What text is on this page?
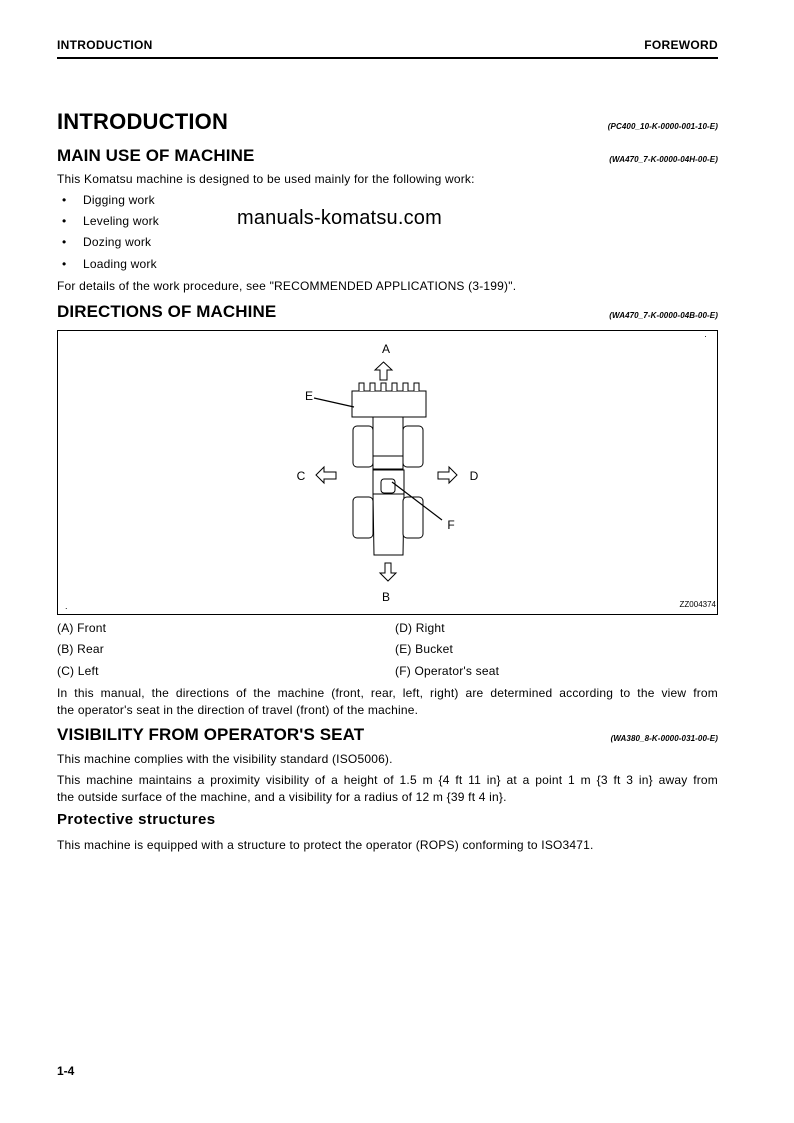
INTRODUCTION	FOREWORD
INTRODUCTION	(PC400_10-K-0000-001-10-E)
MAIN USE OF MACHINE	(WA470_7-K-0000-04H-00-E)
This Komatsu machine is designed to be used mainly for the following work:
• Digging work
• Leveling work
• Dozing work
• Loading work
manuals-komatsu.com
For details of the work procedure, see "RECOMMENDED APPLICATIONS (3-199)".
DIRECTIONS OF MACHINE	(WA470_7-K-0000-04B-00-E)
A
B
C	D
E
F
·
.	ZZ004374
(A) Front
(B) Rear
(C) Left
(D) Right
(E) Bucket
(F) Operator's seat
In this manual, the directions of the machine (front, rear, left, right) are determined according to the view from
the operator's seat in the direction of travel (front) of the machine.
VISIBILITY FROM OPERATOR'S SEAT	(WA380_8-K-0000-031-00-E)
This machine complies with the visibility standard (ISO5006).
This machine maintains a proximity visibility of a height of 1.5 m {4 ft 11 in} at a point 1 m {3 ft 3 in} away from
the outside surface of the machine, and a visibility for a radius of 12 m {39 ft 4 in}.
Protective structures
This machine is equipped with a structure to protect the operator (ROPS) conforming to ISO3471.
1-4
